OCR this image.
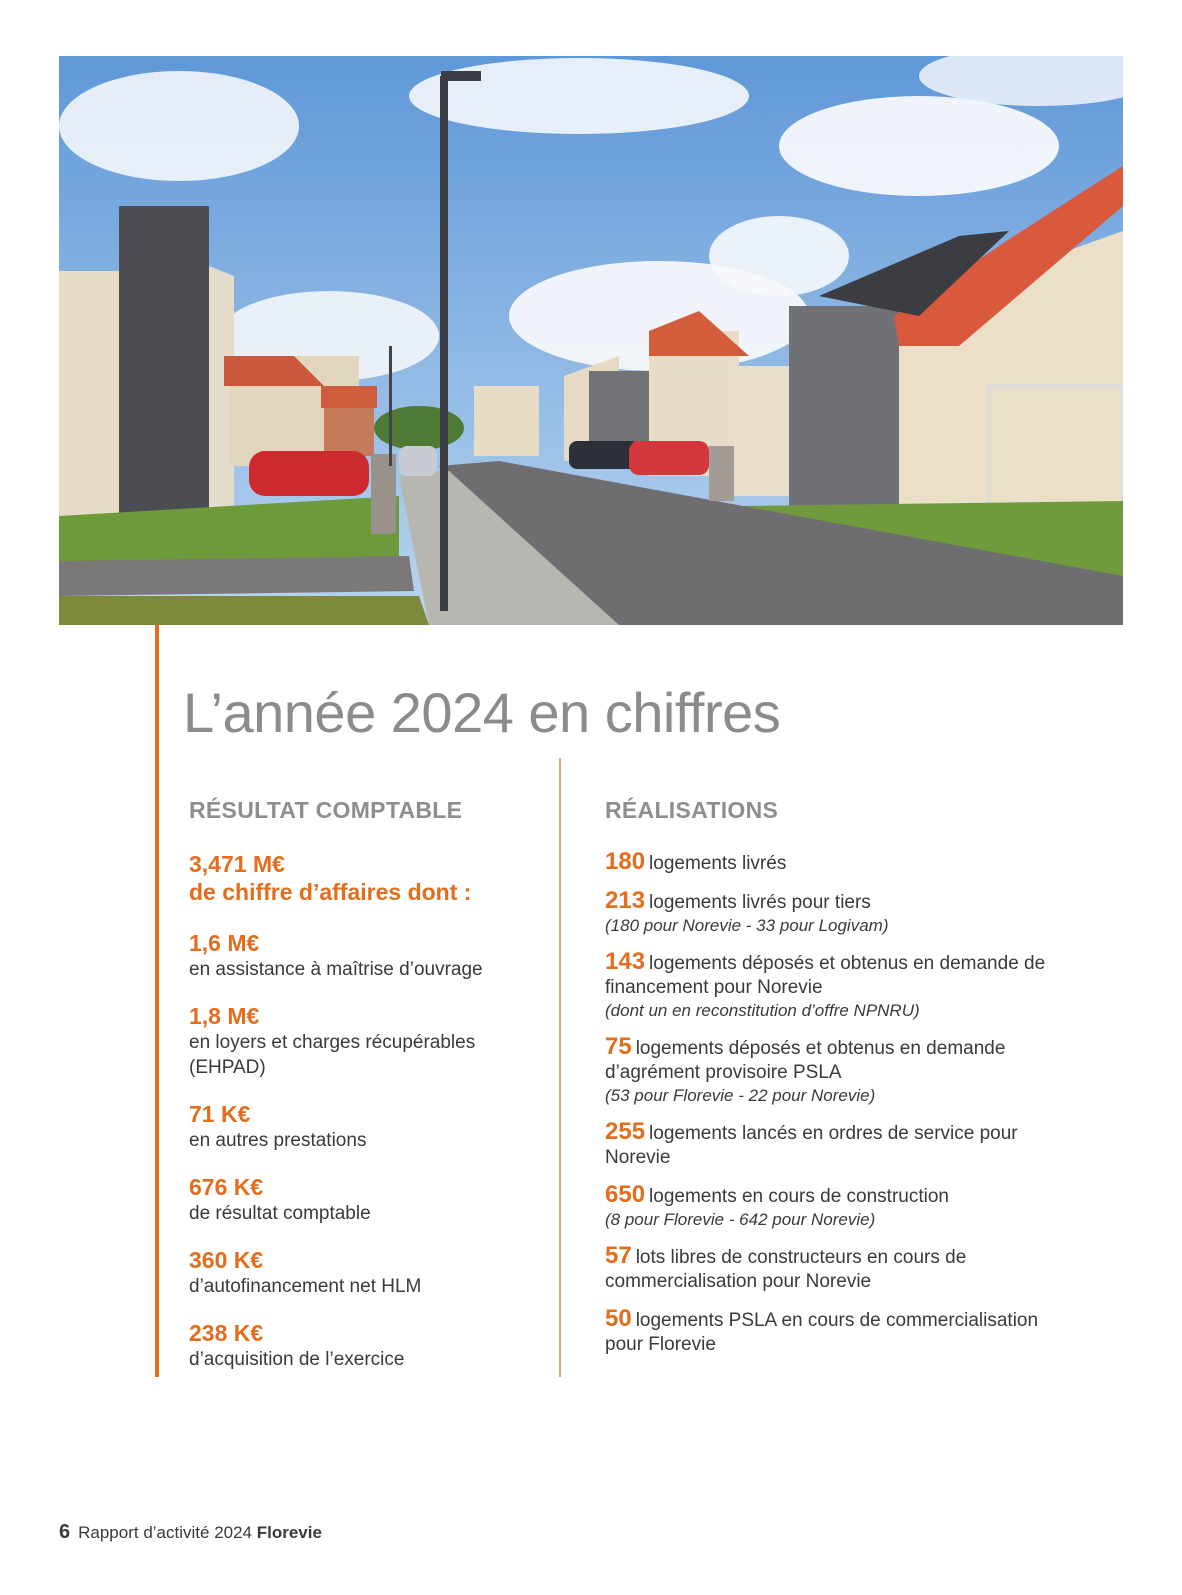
L’année 2024 en chiffres
RÉSULTAT COMPTABLE	RÉALISATIONS
3,471 M€
de chiffre d’affaires dont :
1,6 M€
en assistance à maîtrise d’ouvrage
1,8 M€
en loyers et charges récupérables (EHPAD)
71 K€
en autres prestations
676 K€
de résultat comptable
360 K€
d’autofinancement net HLM
238 K€
d’acquisition de l’exercice
180 logements livrés
213 logements livrés pour tiers
(180 pour Norevie - 33 pour Logivam)
143 logements déposés et obtenus en demande de financement pour Norevie
(dont un en reconstitution d’offre NPNRU)
75 logements déposés et obtenus en demande d’agrément provisoire PSLA
(53 pour Florevie - 22 pour Norevie)
255 logements lancés en ordres de service pour Norevie
650 logements en cours de construction
(8 pour Florevie - 642 pour Norevie)
57 lots libres de constructeurs en cours de commercialisation pour Norevie
50 logements PSLA en cours de commercialisation pour Florevie
6 Rapport d’activité 2024 Florevie
